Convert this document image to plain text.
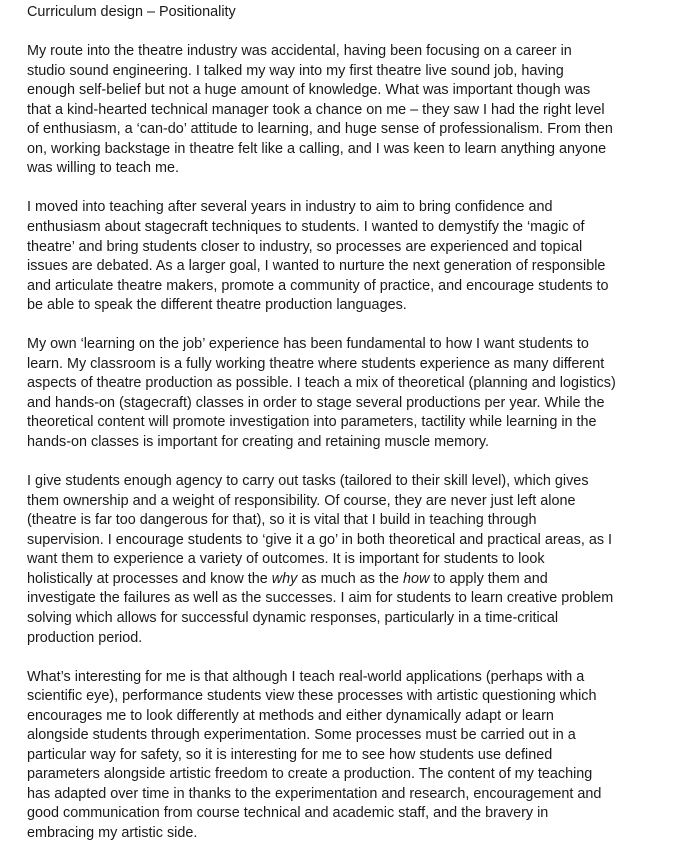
Curriculum design – Positionality
My route into the theatre industry was accidental, having been focusing on a career in
studio sound engineering. I talked my way into my first theatre live sound job, having
enough self-belief but not a huge amount of knowledge. What was important though was
that a kind-hearted technical manager took a chance on me – they saw I had the right level
of enthusiasm, a ‘can-do’ attitude to learning, and huge sense of professionalism. From then
on, working backstage in theatre felt like a calling, and I was keen to learn anything anyone
was willing to teach me.
I moved into teaching after several years in industry to aim to bring confidence and
enthusiasm about stagecraft techniques to students. I wanted to demystify the ‘magic of
theatre’ and bring students closer to industry, so processes are experienced and topical
issues are debated. As a larger goal, I wanted to nurture the next generation of responsible
and articulate theatre makers, promote a community of practice, and encourage students to
be able to speak the different theatre production languages.
My own ‘learning on the job’ experience has been fundamental to how I want students to
learn. My classroom is a fully working theatre where students experience as many different
aspects of theatre production as possible. I teach a mix of theoretical (planning and logistics)
and hands-on (stagecraft) classes in order to stage several productions per year. While the
theoretical content will promote investigation into parameters, tactility while learning in the
hands-on classes is important for creating and retaining muscle memory.
I give students enough agency to carry out tasks (tailored to their skill level), which gives
them ownership and a weight of responsibility. Of course, they are never just left alone
(theatre is far too dangerous for that), so it is vital that I build in teaching through
supervision. I encourage students to ‘give it a go’ in both theoretical and practical areas, as I
want them to experience a variety of outcomes. It is important for students to look
holistically at processes and know the why as much as the how to apply them and
investigate the failures as well as the successes. I aim for students to learn creative problem
solving which allows for successful dynamic responses, particularly in a time-critical
production period.
What’s interesting for me is that although I teach real-world applications (perhaps with a
scientific eye), performance students view these processes with artistic questioning which
encourages me to look differently at methods and either dynamically adapt or learn
alongside students through experimentation. Some processes must be carried out in a
particular way for safety, so it is interesting for me to see how students use defined
parameters alongside artistic freedom to create a production. The content of my teaching
has adapted over time in thanks to the experimentation and research, encouragement and
good communication from course technical and academic staff, and the bravery in
embracing my artistic side.
